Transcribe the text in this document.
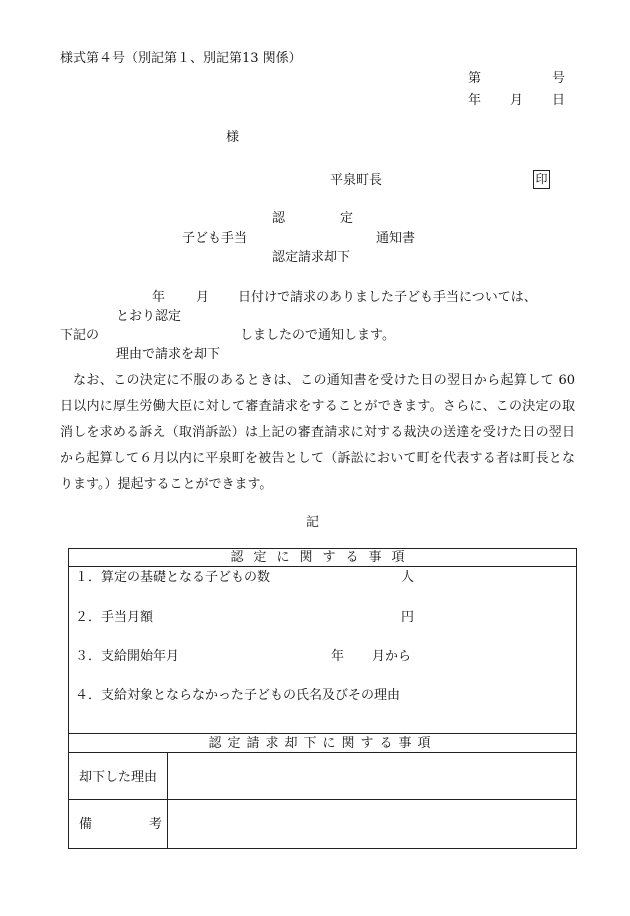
様式第４号（別記第１、別記第13 関係）
第	号
年 月 日
様
平泉町長	印
認	定
子ども手当	通知書
認定請求却下
年 月 日付けで請求のありました子ども手当については、
とおり認定
下記の	しましたので通知します。
理由で請求を却下
なお、この決定に不服のあるときは、この通知書を受けた日の翌日から起算して 60 日以内に厚生労働大臣に対して審査請求をすることができます。さらに、この決定の取消しを求める訴え（取消訴訟）は上記の審査請求に対する裁決の送達を受けた日の翌日から起算して６月以内に平泉町を被告として（訴訟において町を代表する者は町長となります。）提起することができます。
記
認定に関する事項
１．算定の基礎となる子どもの数	人
２．手当月額	円
３．支給開始年月	年 月から
４．支給対象とならなかった子どもの氏名及びその理由
認定請求却下に関する事項
却下した理由
備	考
